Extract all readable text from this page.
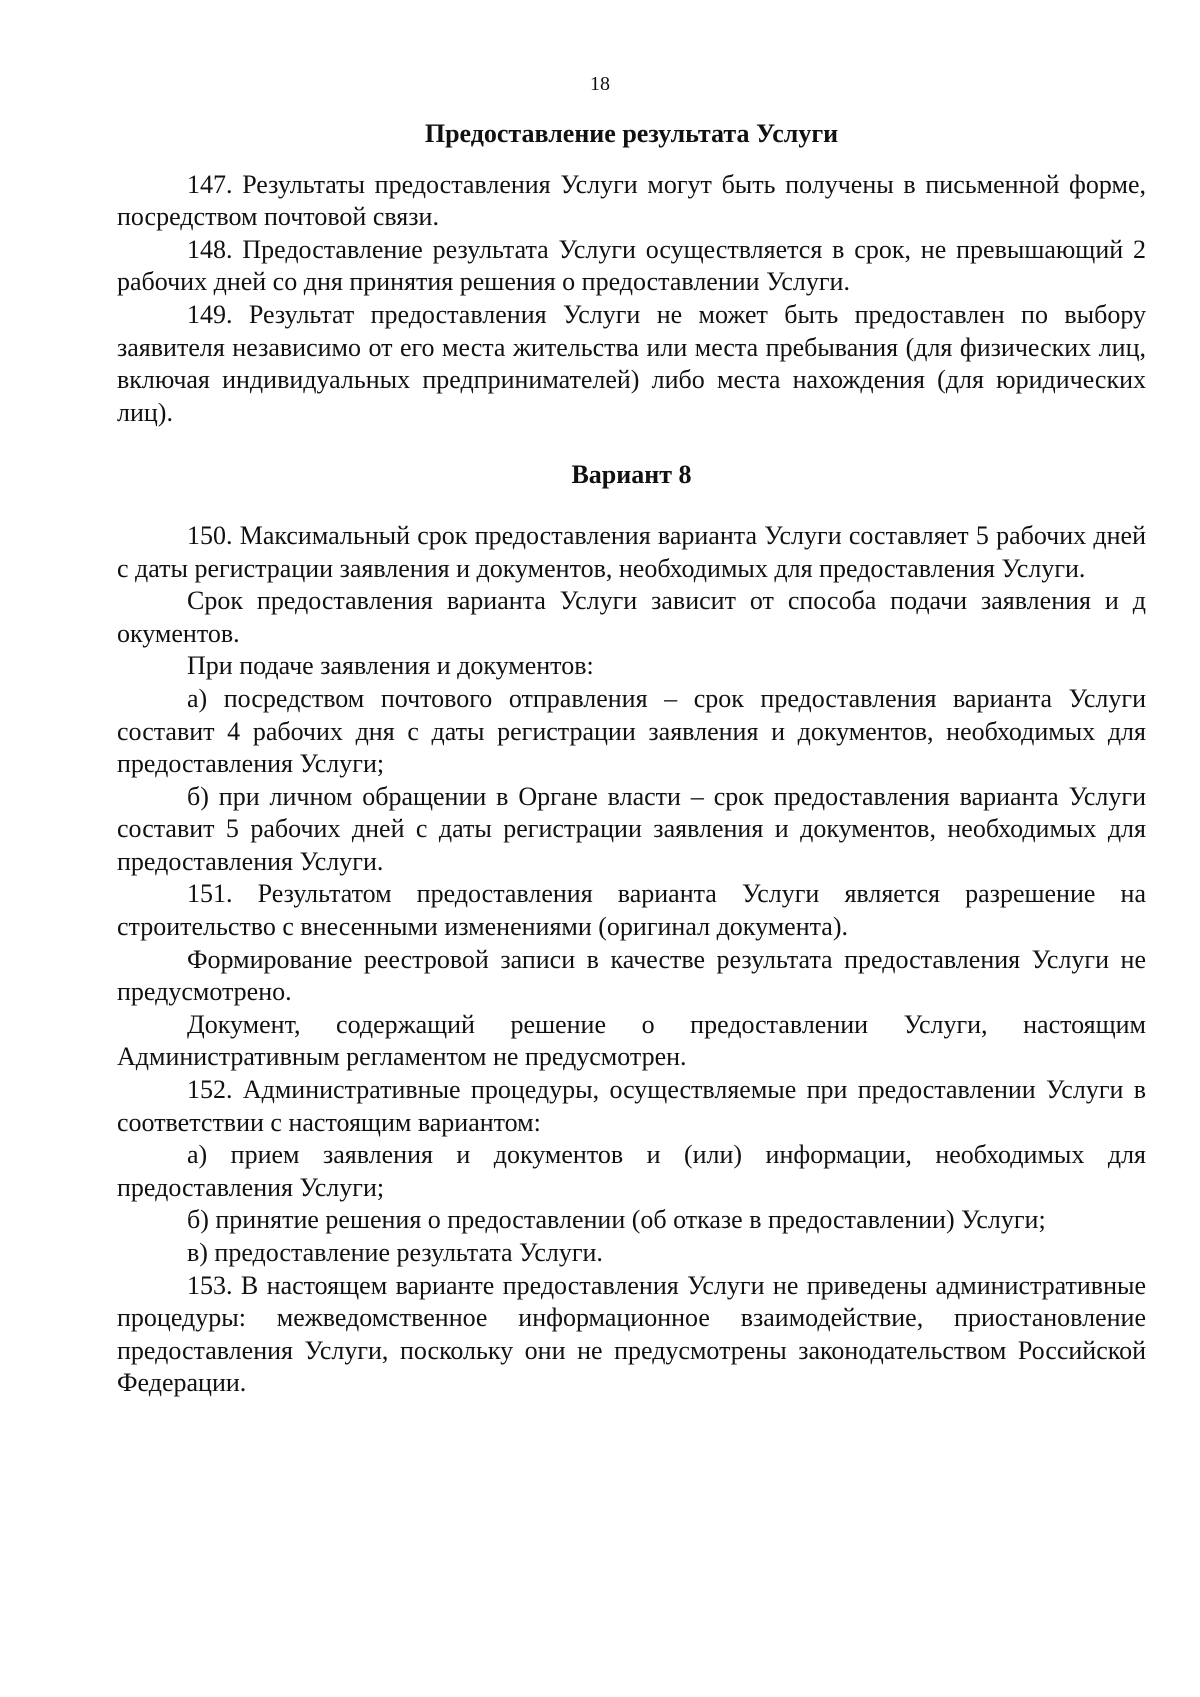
18
Предоставление результата Услуги

147. Результаты предоставления Услуги могут быть получены в письменной форме, посредством почтовой связи.

148. Предоставление результата Услуги осуществляется в срок, не превышающий 2 рабочих дней со дня принятия решения о предоставлении Услуги.

149. Результат предоставления Услуги не может быть предоставлен по выбору заявителя независимо от его места жительства или места пребывания (для физических лиц, включая индивидуальных предпринимателей) либо места нахождения (для юридических лиц).

Вариант 8

150. Максимальный срок предоставления варианта Услуги составляет 5 рабочих дней с даты регистрации заявления и документов, необходимых для предоставления Услуги.

Срок предоставления варианта Услуги зависит от способа подачи заявления и д окументов.

При подаче заявления и документов:

а) посредством почтового отправления – срок предоставления варианта Услуги составит 4 рабочих дня с даты регистрации заявления и документов, необходимых для предоставления Услуги;

б) при личном обращении в Органе власти – срок предоставления варианта Услуги составит 5 рабочих дней с даты регистрации заявления и документов, необходимых для предоставления Услуги.

151. Результатом предоставления варианта Услуги является разрешение на строительство с внесенными изменениями (оригинал документа).

Формирование реестровой записи в качестве результата предоставления Услуги не предусмотрено.

Документ, содержащий решение о предоставлении Услуги, настоящим Административным регламентом не предусмотрен.

152. Административные процедуры, осуществляемые при предоставлении Услуги в соответствии с настоящим вариантом:

а) прием заявления и документов и (или) информации, необходимых для предоставления Услуги;

б) принятие решения о предоставлении (об отказе в предоставлении) Услуги;

в) предоставление результата Услуги.

153. В настоящем варианте предоставления Услуги не приведены административные процедуры: межведомственное информационное взаимодействие, приостановление предоставления Услуги, поскольку они не предусмотрены законодательством Российской Федерации.
